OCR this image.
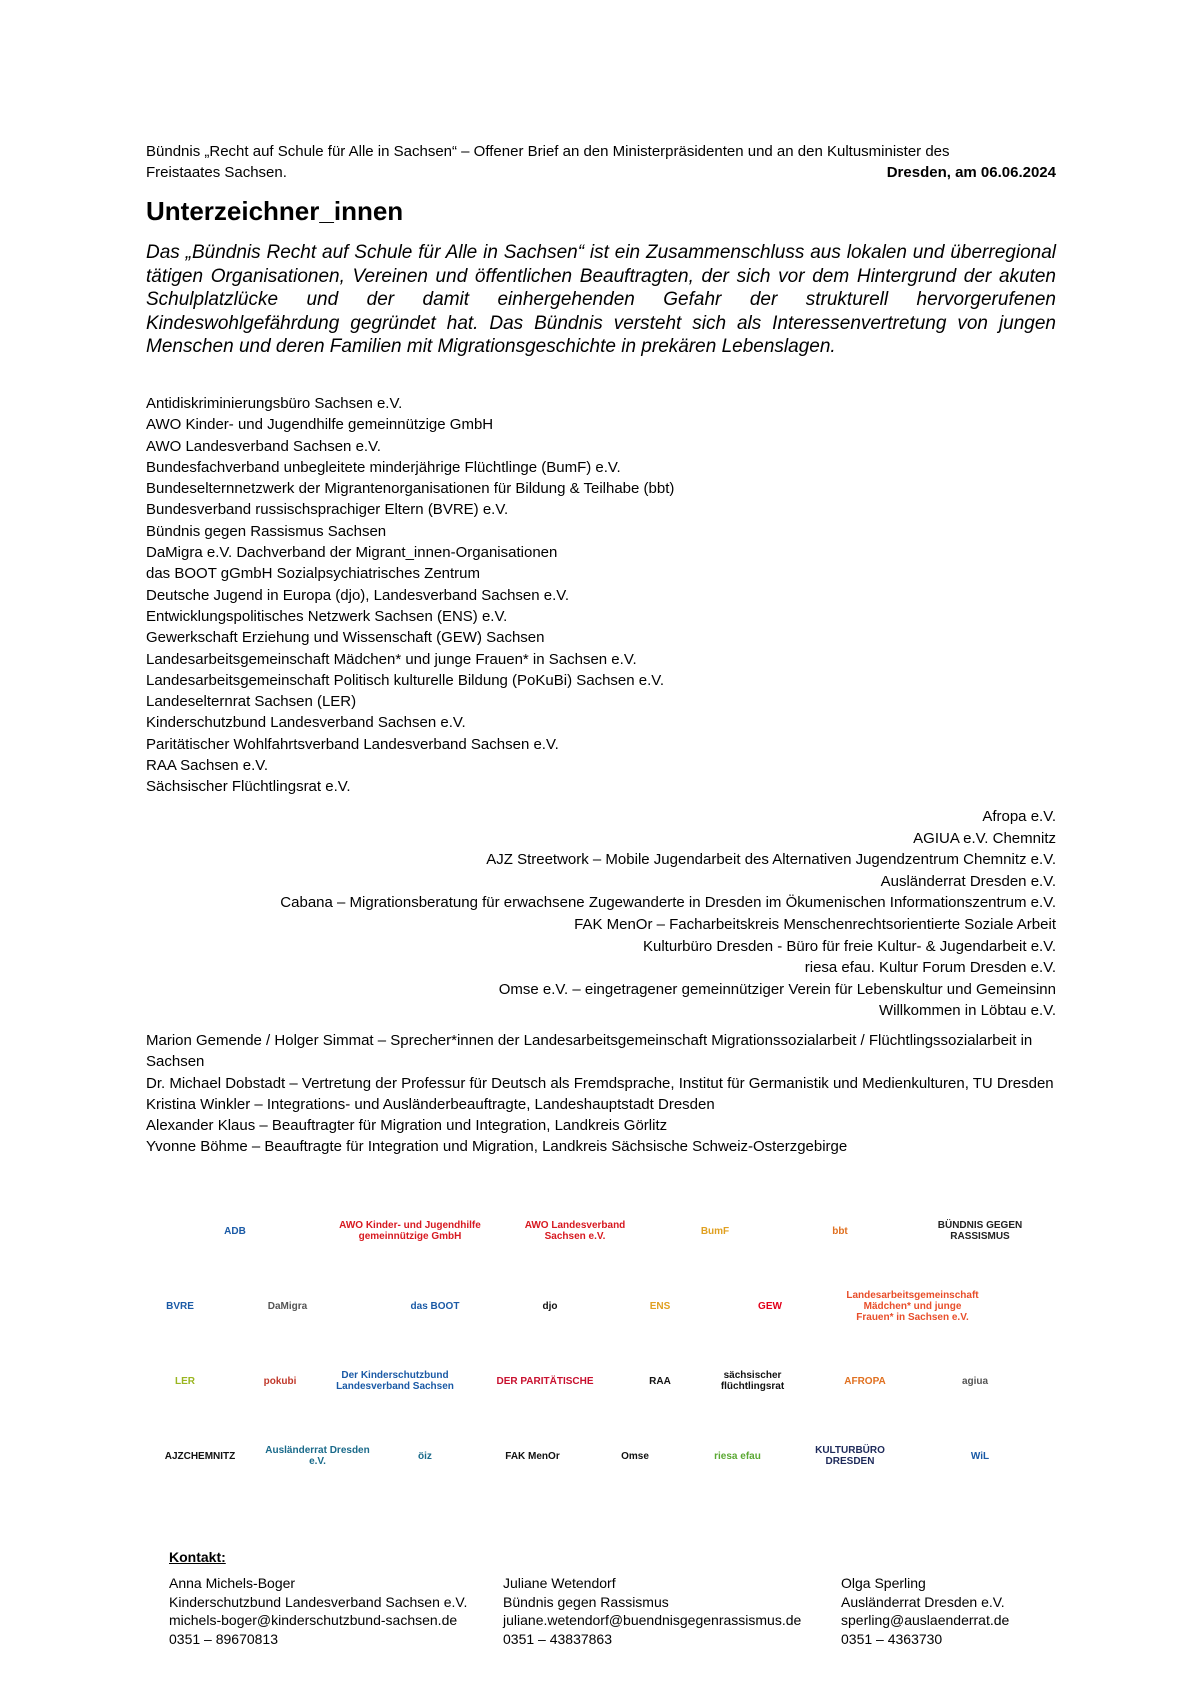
Bündnis „Recht auf Schule für Alle in Sachsen“ – Offener Brief an den Ministerpräsidenten und an den Kultusminister des
Freistaates Sachsen.	Dresden, am 06.06.2024
Unterzeichner_innen
Das „Bündnis Recht auf Schule für Alle in Sachsen“ ist ein Zusammenschluss aus lokalen und überregional tätigen Organisationen, Vereinen und öffentlichen Beauftragten, der sich vor dem Hintergrund der akuten Schulplatzlücke und der damit einhergehenden Gefahr der strukturell hervorgerufenen Kindeswohlgefährdung gegründet hat. Das Bündnis versteht sich als Interessenvertretung von jungen Menschen und deren Familien mit Migrationsgeschichte in prekären Lebenslagen.
Antidiskriminierungsbüro Sachsen e.V.
AWO Kinder- und Jugendhilfe gemeinnützige GmbH
AWO Landesverband Sachsen e.V.
Bundesfachverband unbegleitete minderjährige Flüchtlinge (BumF) e.V.
Bundeselternnetzwerk der Migrantenorganisationen für Bildung & Teilhabe (bbt)
Bundesverband russischsprachiger Eltern (BVRE) e.V.
Bündnis gegen Rassismus Sachsen
DaMigra e.V. Dachverband der Migrant_innen-Organisationen
das BOOT gGmbH Sozialpsychiatrisches Zentrum
Deutsche Jugend in Europa (djo), Landesverband Sachsen e.V.
Entwicklungspolitisches Netzwerk Sachsen (ENS) e.V.
Gewerkschaft Erziehung und Wissenschaft (GEW) Sachsen
Landesarbeitsgemeinschaft Mädchen* und junge Frauen* in Sachsen e.V.
Landesarbeitsgemeinschaft Politisch kulturelle Bildung (PoKuBi) Sachsen e.V.
Landeselternrat Sachsen (LER)
Kinderschutzbund Landesverband Sachsen e.V.
Paritätischer Wohlfahrtsverband Landesverband Sachsen e.V.
RAA Sachsen e.V.
Sächsischer Flüchtlingsrat e.V.
Afropa e.V.
AGIUA e.V. Chemnitz
AJZ Streetwork – Mobile Jugendarbeit des Alternativen Jugendzentrum Chemnitz e.V.
Ausländerrat Dresden e.V.
Cabana – Migrationsberatung für erwachsene Zugewanderte in Dresden im Ökumenischen Informationszentrum e.V.
FAK MenOr – Facharbeitskreis Menschenrechtsorientierte Soziale Arbeit
Kulturbüro Dresden - Büro für freie Kultur- & Jugendarbeit e.V.
riesa efau. Kultur Forum Dresden e.V.
Omse e.V. – eingetragener gemeinnütziger Verein für Lebenskultur und Gemeinsinn
Willkommen in Löbtau e.V.
Marion Gemende / Holger Simmat – Sprecher*innen der Landesarbeitsgemeinschaft Migrationssozialarbeit / Flüchtlingssozialarbeit in Sachsen
Dr. Michael Dobstadt – Vertretung der Professur für Deutsch als Fremdsprache, Institut für Germanistik und Medienkulturen, TU Dresden
Kristina Winkler – Integrations- und Ausländerbeauftragte, Landeshauptstadt Dresden
Alexander Klaus – Beauftragter für Migration und Integration, Landkreis Görlitz
Yvonne Böhme – Beauftragte für Integration und Migration, Landkreis Sächsische Schweiz-Osterzgebirge
ADB	AWO Kinder- und Jugendhilfe gemeinnützige GmbH
AWO Landesverband Sachsen e.V.	BumF	bbt	BÜNDNIS GEGEN RASSISMUS
BVRE	DaMigra	das BOOT	djo	ENS	GEW
Landesarbeitsgemeinschaft Mädchen* und junge Frauen* in Sachsen e.V.
LER	pokubi	Der Kinderschutzbund Landesverband Sachsen	DER PARITÄTISCHE	RAA	sächsischer flüchtlingsrat	AFROPA	agiua
AJZCHEMNITZ	Ausländerrat Dresden e.V.	öiz	FAK MenOr	Omse	riesa efau	KULTURBÜRO DRESDEN	WiL
Kontakt:
Anna Michels-Boger
Kinderschutzbund Landesverband Sachsen e.V.
michels-boger@kinderschutzbund-sachsen.de
0351 – 89670813
Juliane Wetendorf
Bündnis gegen Rassismus
juliane.wetendorf@buendnisgegenrassismus.de
0351 – 43837863
Olga Sperling
Ausländerrat Dresden e.V.
sperling@auslaenderrat.de
0351 – 4363730
